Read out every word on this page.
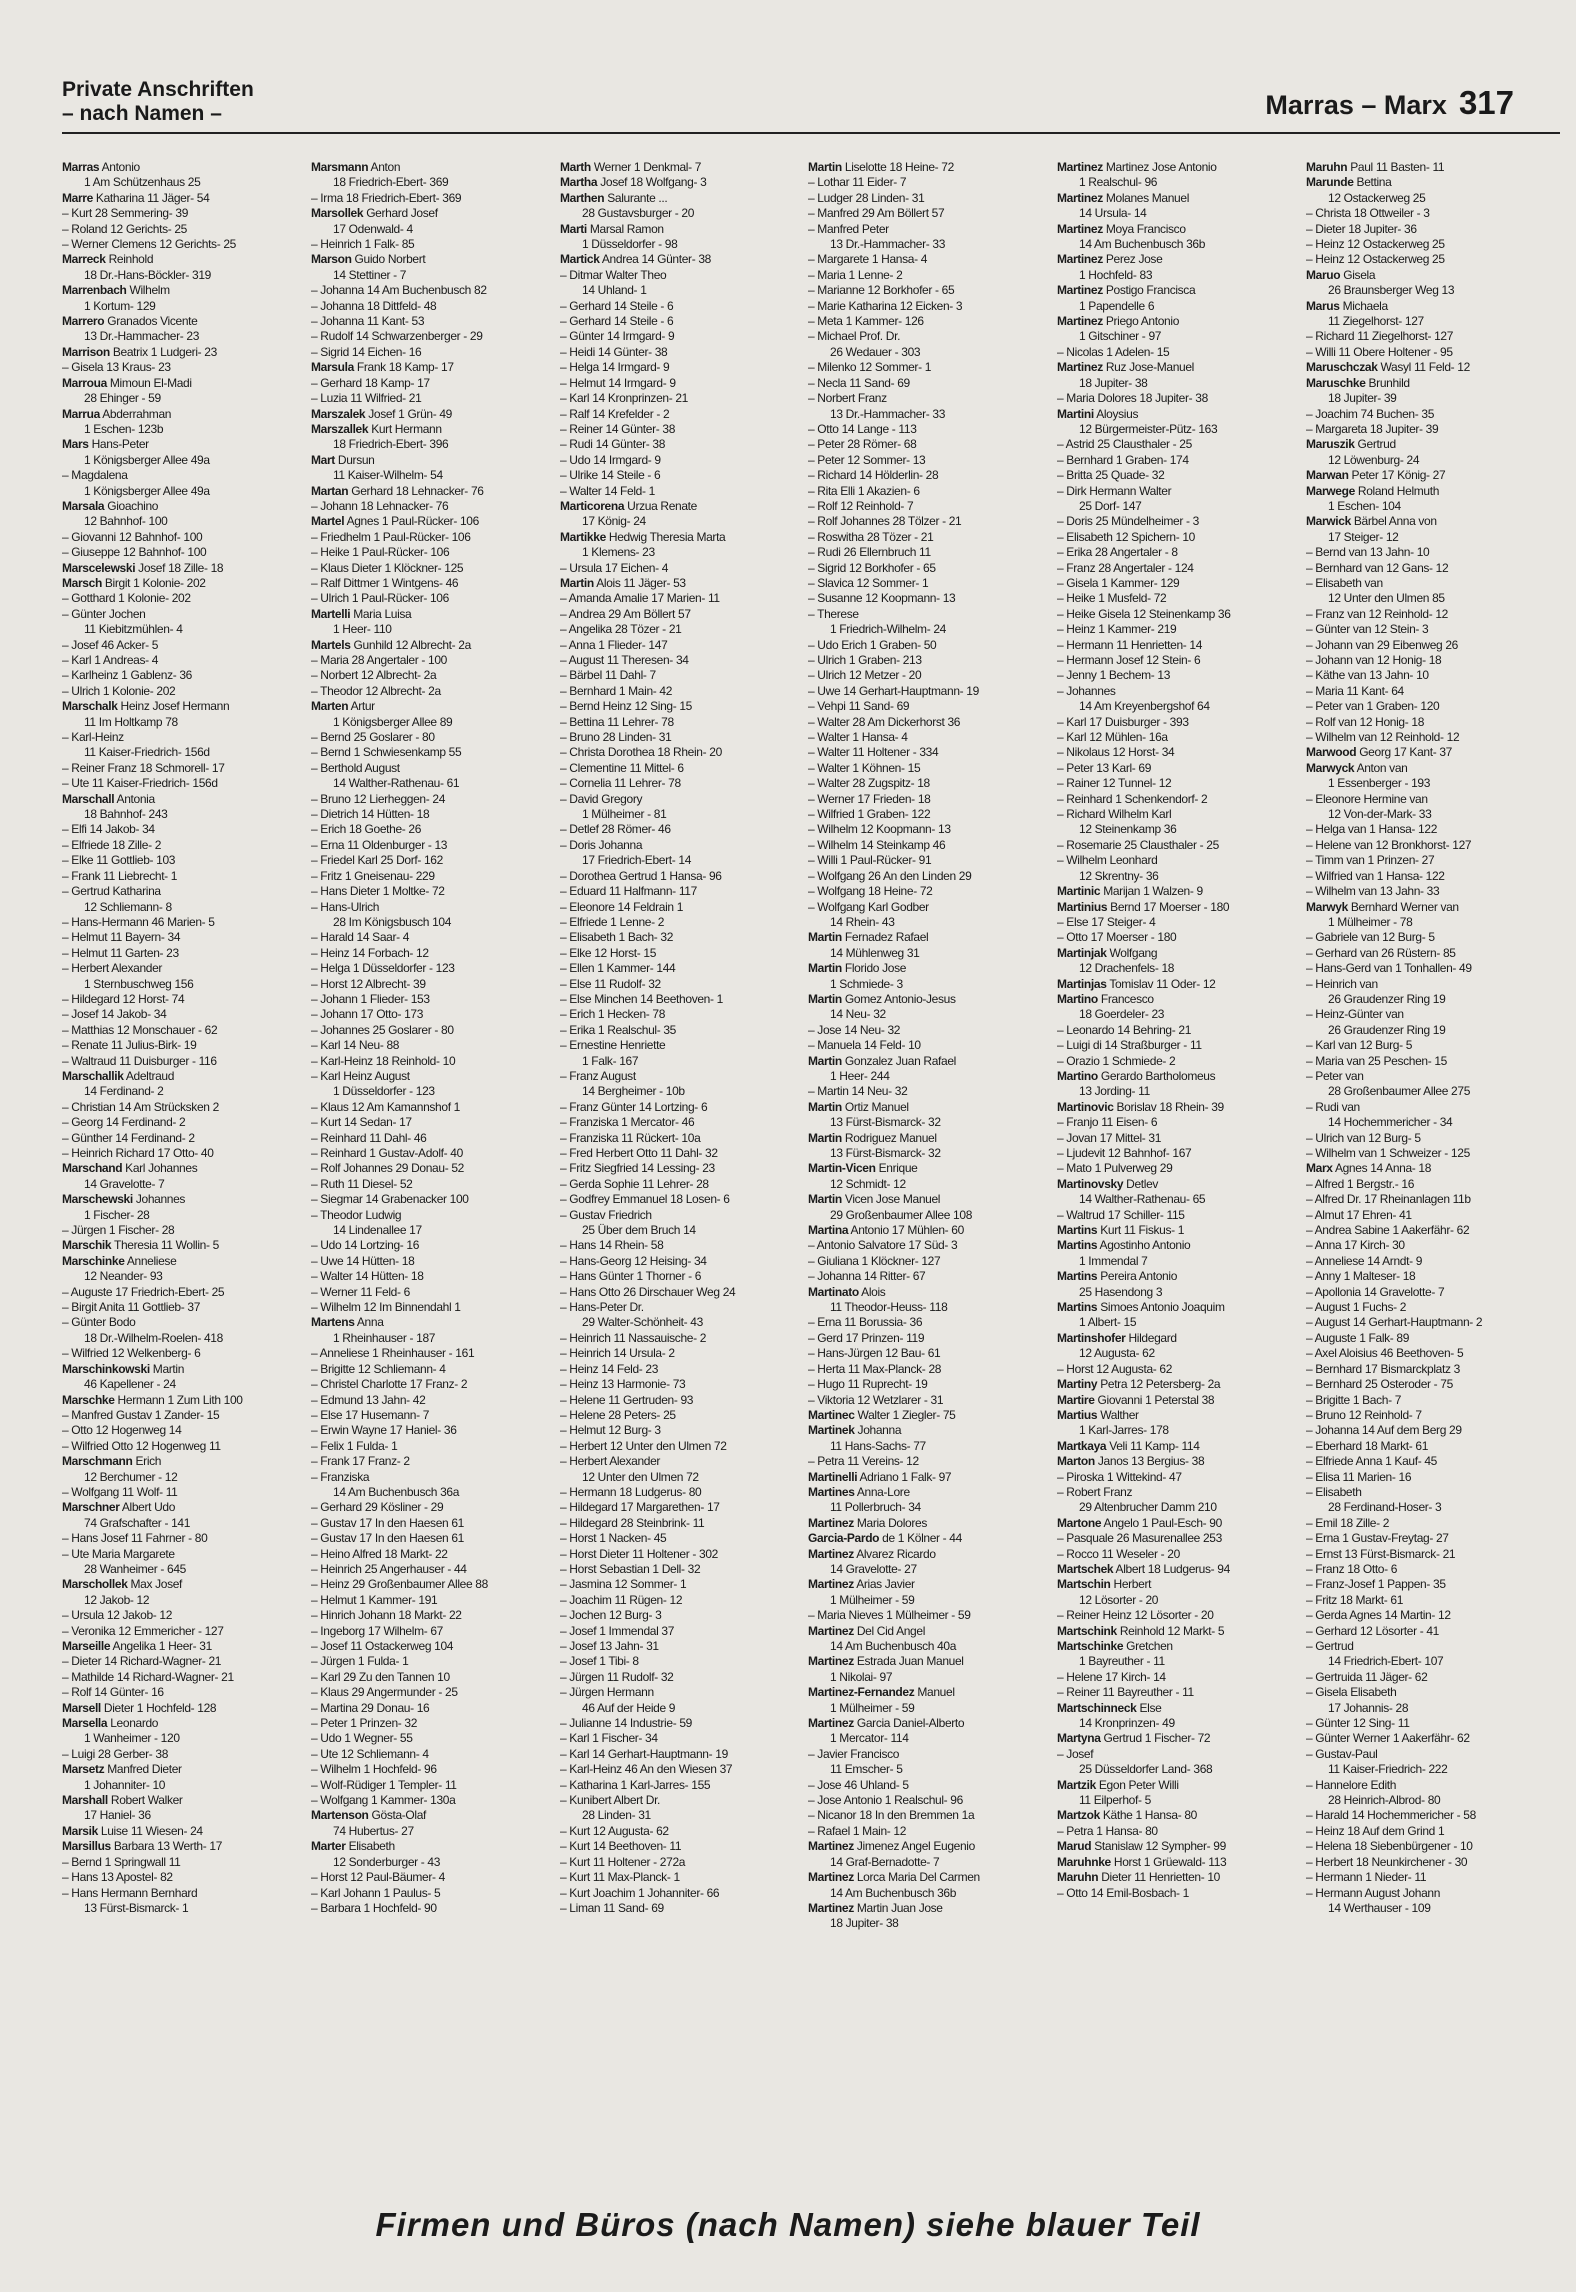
Private Anschriften
– nach Namen –	Marras – Marx 317
Marras Antonio
1 Am Schützenhaus 25
Marre Katharina 11 Jäger- 54
– Kurt 28 Semmering- 39
– Roland 12 Gerichts- 25
– Werner Clemens 12 Gerichts- 25
Marreck Reinhold
18 Dr.-Hans-Böckler- 319
Marrenbach Wilhelm
1 Kortum- 129
Marrero Granados Vicente
13 Dr.-Hammacher- 23
Marrison Beatrix 1 Ludgeri- 23
– Gisela 13 Kraus- 23
Marroua Mimoun El-Madi
28 Ehinger - 59
Marrua Abderrahman
1 Eschen- 123b
Mars Hans-Peter
1 Königsberger Allee 49a
– Magdalena
1 Königsberger Allee 49a
Marsala Gioachino
12 Bahnhof- 100
– Giovanni 12 Bahnhof- 100
– Giuseppe 12 Bahnhof- 100
Marscelewski Josef 18 Zille- 18
Marsch Birgit 1 Kolonie- 202
– Gotthard 1 Kolonie- 202
– Günter Jochen
11 Kiebitzmühlen- 4
– Josef 46 Acker- 5
– Karl 1 Andreas- 4
– Karlheinz 1 Gablenz- 36
– Ulrich 1 Kolonie- 202
Marschalk Heinz Josef Hermann
11 Im Holtkamp 78
– Karl-Heinz
11 Kaiser-Friedrich- 156d
– Reiner Franz 18 Schmorell- 17
– Ute 11 Kaiser-Friedrich- 156d
Marschall Antonia
18 Bahnhof- 243
– Elfi 14 Jakob- 34
– Elfriede 18 Zille- 2
– Elke 11 Gottlieb- 103
– Frank 11 Liebrecht- 1
– Gertrud Katharina
12 Schliemann- 8
– Hans-Hermann 46 Marien- 5
– Helmut 11 Bayern- 34
– Helmut 11 Garten- 23
– Herbert Alexander
1 Sternbuschweg 156
– Hildegard 12 Horst- 74
– Josef 14 Jakob- 34
– Matthias 12 Monschauer - 62
– Renate 11 Julius-Birk- 19
– Waltraud 11 Duisburger - 116
Marschallik Adeltraud
14 Ferdinand- 2
– Christian 14 Am Strücksken 2
– Georg 14 Ferdinand- 2
– Günther 14 Ferdinand- 2
– Heinrich Richard 17 Otto- 40
Marschand Karl Johannes
14 Gravelotte- 7
Marschewski Johannes
1 Fischer- 28
– Jürgen 1 Fischer- 28
Marschik Theresia 11 Wollin- 5
Marschinke Anneliese
12 Neander- 93
– Auguste 17 Friedrich-Ebert- 25
– Birgit Anita 11 Gottlieb- 37
– Günter Bodo
18 Dr.-Wilhelm-Roelen- 418
– Wilfried 12 Welkenberg- 6
Marschinkowski Martin
46 Kapellener - 24
Marschke Hermann 1 Zum Lith 100
– Manfred Gustav 1 Zander- 15
– Otto 12 Hogenweg 14
– Wilfried Otto 12 Hogenweg 11
Marschmann Erich
12 Berchumer - 12
– Wolfgang 11 Wolf- 11
Marschner Albert Udo
74 Grafschafter - 141
– Hans Josef 11 Fahrner - 80
– Ute Maria Margarete
28 Wanheimer - 645
Marschollek Max Josef
12 Jakob- 12
– Ursula 12 Jakob- 12
– Veronika 12 Emmericher - 127
Marseille Angelika 1 Heer- 31
– Dieter 14 Richard-Wagner- 21
– Mathilde 14 Richard-Wagner- 21
– Rolf 14 Günter- 16
Marsell Dieter 1 Hochfeld- 128
Marsella Leonardo
1 Wanheimer - 120
– Luigi 28 Gerber- 38
Marsetz Manfred Dieter
1 Johanniter- 10
Marshall Robert Walker
17 Haniel- 36
Marsik Luise 11 Wiesen- 24
Marsillus Barbara 13 Werth- 17
– Bernd 1 Springwall 11
– Hans 13 Apostel- 82
– Hans Hermann Bernhard
13 Fürst-Bismarck- 1
Marsmann Anton
18 Friedrich-Ebert- 369
– Irma 18 Friedrich-Ebert- 369
Marsollek Gerhard Josef
17 Odenwald- 4
– Heinrich 1 Falk- 85
Marson Guido Norbert
14 Stettiner - 7
– Johanna 14 Am Buchenbusch 82
– Johanna 18 Dittfeld- 48
– Johanna 11 Kant- 53
– Rudolf 14 Schwarzenberger - 29
– Sigrid 14 Eichen- 16
Marsula Frank 18 Kamp- 17
– Gerhard 18 Kamp- 17
– Luzia 11 Wilfried- 21
Marszalek Josef 1 Grün- 49
Marszallek Kurt Hermann
18 Friedrich-Ebert- 396
Mart Dursun
11 Kaiser-Wilhelm- 54
Martan Gerhard 18 Lehnacker- 76
– Johann 18 Lehnacker- 76
Martel Agnes 1 Paul-Rücker- 106
– Friedhelm 1 Paul-Rücker- 106
– Heike 1 Paul-Rücker- 106
– Klaus Dieter 1 Klöckner- 125
– Ralf Dittmer 1 Wintgens- 46
– Ulrich 1 Paul-Rücker- 106
Martelli Maria Luisa
1 Heer- 110
Martels Gunhild 12 Albrecht- 2a
– Maria 28 Angertaler - 100
– Norbert 12 Albrecht- 2a
– Theodor 12 Albrecht- 2a
Marten Artur
1 Königsberger Allee 89
– Bernd 25 Goslarer - 80
– Bernd 1 Schwiesenkamp 55
– Berthold August
14 Walther-Rathenau- 61
– Bruno 12 Lierheggen- 24
– Dietrich 14 Hütten- 18
– Erich 18 Goethe- 26
– Erna 11 Oldenburger - 13
– Friedel Karl 25 Dorf- 162
– Fritz 1 Gneisenau- 229
– Hans Dieter 1 Moltke- 72
– Hans-Ulrich
28 Im Königsbusch 104
– Harald 14 Saar- 4
– Heinz 14 Forbach- 12
– Helga 1 Düsseldorfer - 123
– Horst 12 Albrecht- 39
– Johann 1 Flieder- 153
– Johann 17 Otto- 173
– Johannes 25 Goslarer - 80
– Karl 14 Neu- 88
– Karl-Heinz 18 Reinhold- 10
– Karl Heinz August
1 Düsseldorfer - 123
– Klaus 12 Am Kamannshof 1
– Kurt 14 Sedan- 17
– Reinhard 11 Dahl- 46
– Reinhard 1 Gustav-Adolf- 40
– Rolf Johannes 29 Donau- 52
– Ruth 11 Diesel- 52
– Siegmar 14 Grabenacker 100
– Theodor Ludwig
14 Lindenallee 17
– Udo 14 Lortzing- 16
– Uwe 14 Hütten- 18
– Walter 14 Hütten- 18
– Werner 11 Feld- 6
– Wilhelm 12 Im Binnendahl 1
Martens Anna
1 Rheinhauser - 187
– Anneliese 1 Rheinhauser - 161
– Brigitte 12 Schliemann- 4
– Christel Charlotte 17 Franz- 2
– Edmund 13 Jahn- 42
– Else 17 Husemann- 7
– Erwin Wayne 17 Haniel- 36
– Felix 1 Fulda- 1
– Frank 17 Franz- 2
– Franziska
14 Am Buchenbusch 36a
– Gerhard 29 Kösliner - 29
– Gustav 17 In den Haesen 61
– Gustav 17 In den Haesen 61
– Heino Alfred 18 Markt- 22
– Heinrich 25 Angerhauser - 44
– Heinz 29 Großenbaumer Allee 88
– Helmut 1 Kammer- 191
– Hinrich Johann 18 Markt- 22
– Ingeborg 17 Wilhelm- 67
– Josef 11 Ostackerweg 104
– Jürgen 1 Fulda- 1
– Karl 29 Zu den Tannen 10
– Klaus 29 Angermunder - 25
– Martina 29 Donau- 16
– Peter 1 Prinzen- 32
– Udo 1 Wegner- 55
– Ute 12 Schliemann- 4
– Wilhelm 1 Hochfeld- 96
– Wolf-Rüdiger 1 Templer- 11
– Wolfgang 1 Kammer- 130a
Martenson Gösta-Olaf
74 Hubertus- 27
Marter Elisabeth
12 Sonderburger - 43
– Horst 12 Paul-Bäumer- 4
– Karl Johann 1 Paulus- 5
– Barbara 1 Hochfeld- 90
Marth Werner 1 Denkmal- 7
Martha Josef 18 Wolfgang- 3
Marthen Salurante ...
28 Gustavsburger - 20
Marti Marsal Ramon
1 Düsseldorfer - 98
Martick Andrea 14 Günter- 38
– Ditmar Walter Theo
14 Uhland- 1
– Gerhard 14 Steile - 6
– Gerhard 14 Steile - 6
– Günter 14 Irmgard- 9
– Heidi 14 Günter- 38
– Helga 14 Irmgard- 9
– Helmut 14 Irmgard- 9
– Karl 14 Kronprinzen- 21
– Ralf 14 Krefelder - 2
– Reiner 14 Günter- 38
– Rudi 14 Günter- 38
– Udo 14 Irmgard- 9
– Ulrike 14 Steile - 6
– Walter 14 Feld- 1
Marticorena Urzua Renate
17 König- 24
Martikke Hedwig Theresia Marta
1 Klemens- 23
– Ursula 17 Eichen- 4
Martin Alois 11 Jäger- 53
– Amanda Amalie 17 Marien- 11
– Andrea 29 Am Böllert 57
– Angelika 28 Tözer - 21
– Anna 1 Flieder- 147
– August 11 Theresen- 34
– Bärbel 11 Dahl- 7
– Bernhard 1 Main- 42
– Bernd Heinz 12 Sing- 15
– Bettina 11 Lehrer- 78
– Bruno 28 Linden- 31
– Christa Dorothea 18 Rhein- 20
– Clementine 11 Mittel- 6
– Cornelia 11 Lehrer- 78
– David Gregory
1 Mülheimer - 81
– Detlef 28 Römer- 46
– Doris Johanna
17 Friedrich-Ebert- 14
– Dorothea Gertrud 1 Hansa- 96
– Eduard 11 Halfmann- 117
– Eleonore 14 Feldrain 1
– Elfriede 1 Lenne- 2
– Elisabeth 1 Bach- 32
– Elke 12 Horst- 15
– Ellen 1 Kammer- 144
– Else 11 Rudolf- 32
– Else Minchen 14 Beethoven- 1
– Erich 1 Hecken- 78
– Erika 1 Realschul- 35
– Ernestine Henriette
1 Falk- 167
– Franz August
14 Bergheimer - 10b
– Franz Günter 14 Lortzing- 6
– Franziska 1 Mercator- 46
– Franziska 11 Rückert- 10a
– Fred Herbert Otto 11 Dahl- 32
– Fritz Siegfried 14 Lessing- 23
– Gerda Sophie 11 Lehrer- 28
– Godfrey Emmanuel 18 Losen- 6
– Gustav Friedrich
25 Über dem Bruch 14
– Hans 14 Rhein- 58
– Hans-Georg 12 Heising- 34
– Hans Günter 1 Thorner - 6
– Hans Otto 26 Dirschauer Weg 24
– Hans-Peter Dr.
29 Walter-Schönheit- 43
– Heinrich 11 Nassauische- 2
– Heinrich 14 Ursula- 2
– Heinz 14 Feld- 23
– Heinz 13 Harmonie- 73
– Helene 11 Gertruden- 93
– Helene 28 Peters- 25
– Helmut 12 Burg- 3
– Herbert 12 Unter den Ulmen 72
– Herbert Alexander
12 Unter den Ulmen 72
– Hermann 18 Ludgerus- 80
– Hildegard 17 Margarethen- 17
– Hildegard 28 Steinbrink- 11
– Horst 1 Nacken- 45
– Horst Dieter 11 Holtener - 302
– Horst Sebastian 1 Dell- 32
– Jasmina 12 Sommer- 1
– Joachim 11 Rügen- 12
– Jochen 12 Burg- 3
– Josef 1 Immendal 37
– Josef 13 Jahn- 31
– Josef 1 Tibi- 8
– Jürgen 11 Rudolf- 32
– Jürgen Hermann
46 Auf der Heide 9
– Julianne 14 Industrie- 59
– Karl 1 Fischer- 34
– Karl 14 Gerhart-Hauptmann- 19
– Karl-Heinz 46 An den Wiesen 37
– Katharina 1 Karl-Jarres- 155
– Kunibert Albert Dr.
28 Linden- 31
– Kurt 12 Augusta- 62
– Kurt 14 Beethoven- 11
– Kurt 11 Holtener - 272a
– Kurt 11 Max-Planck- 1
– Kurt Joachim 1 Johanniter- 66
– Liman 11 Sand- 69
Martin Liselotte 18 Heine- 72
– Lothar 11 Eider- 7
– Ludger 28 Linden- 31
– Manfred 29 Am Böllert 57
– Manfred Peter
13 Dr.-Hammacher- 33
– Margarete 1 Hansa- 4
– Maria 1 Lenne- 2
– Marianne 12 Borkhofer - 65
– Marie Katharina 12 Eicken- 3
– Meta 1 Kammer- 126
– Michael Prof. Dr.
26 Wedauer - 303
– Milenko 12 Sommer- 1
– Necla 11 Sand- 69
– Norbert Franz
13 Dr.-Hammacher- 33
– Otto 14 Lange - 113
– Peter 28 Römer- 68
– Peter 12 Sommer- 13
– Richard 14 Hölderlin- 28
– Rita Elli 1 Akazien- 6
– Rolf 12 Reinhold- 7
– Rolf Johannes 28 Tölzer - 21
– Roswitha 28 Tözer - 21
– Rudi 26 Ellernbruch 11
– Sigrid 12 Borkhofer - 65
– Slavica 12 Sommer- 1
– Susanne 12 Koopmann- 13
– Therese
1 Friedrich-Wilhelm- 24
– Udo Erich 1 Graben- 50
– Ulrich 1 Graben- 213
– Ulrich 12 Metzer - 20
– Uwe 14 Gerhart-Hauptmann- 19
– Vehpi 11 Sand- 69
– Walter 28 Am Dickerhorst 36
– Walter 1 Hansa- 4
– Walter 11 Holtener - 334
– Walter 1 Köhnen- 15
– Walter 28 Zugspitz- 18
– Werner 17 Frieden- 18
– Wilfried 1 Graben- 122
– Wilhelm 12 Koopmann- 13
– Wilhelm 14 Steinkamp 46
– Willi 1 Paul-Rücker- 91
– Wolfgang 26 An den Linden 29
– Wolfgang 18 Heine- 72
– Wolfgang Karl Godber
14 Rhein- 43
Martin Fernadez Rafael
14 Mühlenweg 31
Martin Florido Jose
1 Schmiede- 3
Martin Gomez Antonio-Jesus
14 Neu- 32
– Jose 14 Neu- 32
– Manuela 14 Feld- 10
Martin Gonzalez Juan Rafael
1 Heer- 244
– Martin 14 Neu- 32
Martin Ortiz Manuel
13 Fürst-Bismarck- 32
Martin Rodriguez Manuel
13 Fürst-Bismarck- 32
Martin-Vicen Enrique
12 Schmidt- 12
Martin Vicen Jose Manuel
29 Großenbaumer Allee 108
Martina Antonio 17 Mühlen- 60
– Antonio Salvatore 17 Süd- 3
– Giuliana 1 Klöckner- 127
– Johanna 14 Ritter- 67
Martinato Alois
11 Theodor-Heuss- 118
– Erna 11 Borussia- 36
– Gerd 17 Prinzen- 119
– Hans-Jürgen 12 Bau- 61
– Herta 11 Max-Planck- 28
– Hugo 11 Ruprecht- 19
– Viktoria 12 Wetzlarer - 31
Martinec Walter 1 Ziegler- 75
Martinek Johanna
11 Hans-Sachs- 77
– Petra 11 Vereins- 12
Martinelli Adriano 1 Falk- 97
Martines Anna-Lore
11 Pollerbruch- 34
Martinez Maria Dolores
Garcia-Pardo de 1 Kölner - 44
Martinez Alvarez Ricardo
14 Gravelotte- 27
Martinez Arias Javier
1 Mülheimer - 59
– Maria Nieves 1 Mülheimer - 59
Martinez Del Cid Angel
14 Am Buchenbusch 40a
Martinez Estrada Juan Manuel
1 Nikolai- 97
Martinez-Fernandez Manuel
1 Mülheimer - 59
Martinez Garcia Daniel-Alberto
1 Mercator- 114
– Javier Francisco
11 Emscher- 5
– Jose 46 Uhland- 5
– Jose Antonio 1 Realschul- 96
– Nicanor 18 In den Bremmen 1a
– Rafael 1 Main- 12
Martinez Jimenez Angel Eugenio
14 Graf-Bernadotte- 7
Martinez Lorca Maria Del Carmen
14 Am Buchenbusch 36b
Martinez Martin Juan Jose
18 Jupiter- 38
Martinez Martinez Jose Antonio
1 Realschul- 96
Martinez Molanes Manuel
14 Ursula- 14
Martinez Moya Francisco
14 Am Buchenbusch 36b
Martinez Perez Jose
1 Hochfeld- 83
Martinez Postigo Francisca
1 Papendelle 6
Martinez Priego Antonio
1 Gitschiner - 97
– Nicolas 1 Adelen- 15
Martinez Ruz Jose-Manuel
18 Jupiter- 38
– Maria Dolores 18 Jupiter- 38
Martini Aloysius
12 Bürgermeister-Pütz- 163
– Astrid 25 Clausthaler - 25
– Bernhard 1 Graben- 174
– Britta 25 Quade- 32
– Dirk Hermann Walter
25 Dorf- 147
– Doris 25 Mündelheimer - 3
– Elisabeth 12 Spichern- 10
– Erika 28 Angertaler - 8
– Franz 28 Angertaler - 124
– Gisela 1 Kammer- 129
– Heike 1 Musfeld- 72
– Heike Gisela 12 Steinenkamp 36
– Heinz 1 Kammer- 219
– Hermann 11 Henrietten- 14
– Hermann Josef 12 Stein- 6
– Jenny 1 Bechem- 13
– Johannes
14 Am Kreyenbergshof 64
– Karl 17 Duisburger - 393
– Karl 12 Mühlen- 16a
– Nikolaus 12 Horst- 34
– Peter 13 Karl- 69
– Rainer 12 Tunnel- 12
– Reinhard 1 Schenkendorf- 2
– Richard Wilhelm Karl
12 Steinenkamp 36
– Rosemarie 25 Clausthaler - 25
– Wilhelm Leonhard
12 Skrentny- 36
Martinic Marijan 1 Walzen- 9
Martinius Bernd 17 Moerser - 180
– Else 17 Steiger- 4
– Otto 17 Moerser - 180
Martinjak Wolfgang
12 Drachenfels- 18
Martinjas Tomislav 11 Oder- 12
Martino Francesco
18 Goerdeler- 23
– Leonardo 14 Behring- 21
– Luigi di 14 Straßburger - 11
– Orazio 1 Schmiede- 2
Martino Gerardo Bartholomeus
13 Jording- 11
Martinovic Borislav 18 Rhein- 39
– Franjo 11 Eisen- 6
– Jovan 17 Mittel- 31
– Ljudevit 12 Bahnhof- 167
– Mato 1 Pulverweg 29
Martinovsky Detlev
14 Walther-Rathenau- 65
– Waltrud 17 Schiller- 115
Martins Kurt 11 Fiskus- 1
Martins Agostinho Antonio
1 Immendal 7
Martins Pereira Antonio
25 Hasendong 3
Martins Simoes Antonio Joaquim
1 Albert- 15
Martinshofer Hildegard
12 Augusta- 62
– Horst 12 Augusta- 62
Martiny Petra 12 Petersberg- 2a
Martire Giovanni 1 Peterstal 38
Martius Walther
1 Karl-Jarres- 178
Martkaya Veli 11 Kamp- 114
Marton Janos 13 Bergius- 38
– Piroska 1 Wittekind- 47
– Robert Franz
29 Altenbrucher Damm 210
Martone Angelo 1 Paul-Esch- 90
– Pasquale 26 Masurenallee 253
– Rocco 11 Weseler - 20
Martschek Albert 18 Ludgerus- 94
Martschin Herbert
12 Lösorter - 20
– Reiner Heinz 12 Lösorter - 20
Martschink Reinhold 12 Markt- 5
Martschinke Gretchen
1 Bayreuther - 11
– Helene 17 Kirch- 14
– Reiner 11 Bayreuther - 11
Martschinneck Else
14 Kronprinzen- 49
Martyna Gertrud 1 Fischer- 72
– Josef
25 Düsseldorfer Land- 368
Martzik Egon Peter Willi
11 Eilperhof- 5
Martzok Käthe 1 Hansa- 80
– Petra 1 Hansa- 80
Marud Stanislaw 12 Sympher- 99
Maruhnke Horst 1 Grüewald- 113
Maruhn Dieter 11 Henrietten- 10
– Otto 14 Emil-Bosbach- 1
Maruhn Paul 11 Basten- 11
Marunde Bettina
12 Ostackerweg 25
– Christa 18 Ottweiler - 3
– Dieter 18 Jupiter- 36
– Heinz 12 Ostackerweg 25
– Heinz 12 Ostackerweg 25
Maruo Gisela
26 Braunsberger Weg 13
Marus Michaela
11 Ziegelhorst- 127
– Richard 11 Ziegelhorst- 127
– Willi 11 Obere Holtener - 95
Maruschczak Wasyl 11 Feld- 12
Maruschke Brunhild
18 Jupiter- 39
– Joachim 74 Buchen- 35
– Margareta 18 Jupiter- 39
Maruszik Gertrud
12 Löwenburg- 24
Marwan Peter 17 König- 27
Marwege Roland Helmuth
1 Eschen- 104
Marwick Bärbel Anna von
17 Steiger- 12
– Bernd van 13 Jahn- 10
– Bernhard van 12 Gans- 12
– Elisabeth van
12 Unter den Ulmen 85
– Franz van 12 Reinhold- 12
– Günter van 12 Stein- 3
– Johann van 29 Eibenweg 26
– Johann van 12 Honig- 18
– Käthe van 13 Jahn- 10
– Maria 11 Kant- 64
– Peter van 1 Graben- 120
– Rolf van 12 Honig- 18
– Wilhelm van 12 Reinhold- 12
Marwood Georg 17 Kant- 37
Marwyck Anton van
1 Essenberger - 193
– Eleonore Hermine van
12 Von-der-Mark- 33
– Helga van 1 Hansa- 122
– Helene van 12 Bronkhorst- 127
– Timm van 1 Prinzen- 27
– Wilfried van 1 Hansa- 122
– Wilhelm van 13 Jahn- 33
Marwyk Bernhard Werner van
1 Mülheimer - 78
– Gabriele van 12 Burg- 5
– Gerhard van 26 Rüstern- 85
– Hans-Gerd van 1 Tonhallen- 49
– Heinrich van
26 Graudenzer Ring 19
– Heinz-Günter van
26 Graudenzer Ring 19
– Karl van 12 Burg- 5
– Maria van 25 Peschen- 15
– Peter van
28 Großenbaumer Allee 275
– Rudi van
14 Hochemmericher - 34
– Ulrich van 12 Burg- 5
– Wilhelm van 1 Schweizer - 125
Marx Agnes 14 Anna- 18
– Alfred 1 Bergstr.- 16
– Alfred Dr. 17 Rheinanlagen 11b
– Almut 17 Ehren- 41
– Andrea Sabine 1 Aakerfähr- 62
– Anna 17 Kirch- 30
– Anneliese 14 Arndt- 9
– Anny 1 Malteser- 18
– Apollonia 14 Gravelotte- 7
– August 1 Fuchs- 2
– August 14 Gerhart-Hauptmann- 2
– Auguste 1 Falk- 89
– Axel Aloisius 46 Beethoven- 5
– Bernhard 17 Bismarckplatz 3
– Bernhard 25 Osteroder - 75
– Brigitte 1 Bach- 7
– Bruno 12 Reinhold- 7
– Johanna 14 Auf dem Berg 29
– Eberhard 18 Markt- 61
– Elfriede Anna 1 Kauf- 45
– Elisa 11 Marien- 16
– Elisabeth
28 Ferdinand-Hoser- 3
– Emil 18 Zille- 2
– Erna 1 Gustav-Freytag- 27
– Ernst 13 Fürst-Bismarck- 21
– Franz 18 Otto- 6
– Franz-Josef 1 Pappen- 35
– Fritz 18 Markt- 61
– Gerda Agnes 14 Martin- 12
– Gerhard 12 Lösorter - 41
– Gertrud
14 Friedrich-Ebert- 107
– Gertruida 11 Jäger- 62
– Gisela Elisabeth
17 Johannis- 28
– Günter 12 Sing- 11
– Günter Werner 1 Aakerfähr- 62
– Gustav-Paul
11 Kaiser-Friedrich- 222
– Hannelore Edith
28 Heinrich-Albrod- 80
– Harald 14 Hochemmericher - 58
– Heinz 18 Auf dem Grind 1
– Helena 18 Siebenbürgener - 10
– Herbert 18 Neunkirchener - 30
– Hermann 1 Nieder- 11
– Hermann August Johann
14 Werthauser - 109
Firmen und Büros (nach Namen) siehe blauer Teil
